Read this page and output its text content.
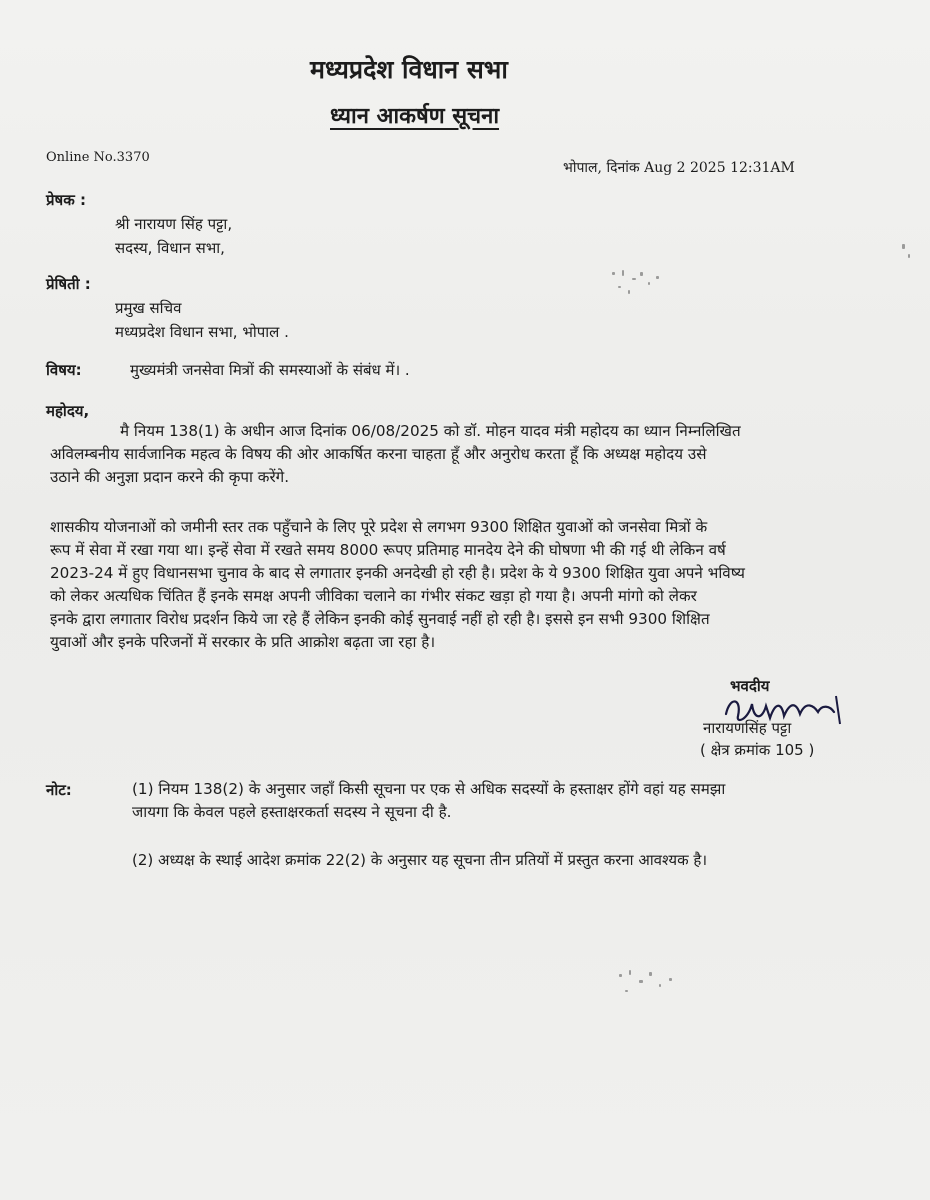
मध्यप्रदेश विधान सभा
ध्यान आकर्षण सूचना
Online No.3370
भोपाल, दिनांक Aug 2 2025 12:31AM
प्रेषक :
श्री नारायण सिंह पट्टा,
सदस्य, विधान सभा,
प्रेषिती :
प्रमुख सचिव
मध्यप्रदेश विधान सभा, भोपाल .
विषय:	मुख्यमंत्री जनसेवा मित्रों की समस्याओं के संबंध में। .
महोदय,
मै नियम 138(1) के अधीन आज दिनांक 06/08/2025 को डॉ. मोहन यादव मंत्री महोदय का ध्यान निम्नलिखित
अविलम्बनीय सार्वजानिक महत्व के विषय की ओर आकर्षित करना चाहता हूँ और अनुरोध करता हूँ कि अध्यक्ष महोदय उसे
उठाने की अनुज्ञा प्रदान करने की कृपा करेंगे.
शासकीय योजनाओं को जमीनी स्तर तक पहुँचाने के लिए पूरे प्रदेश से लगभग 9300 शिक्षित युवाओं को जनसेवा मित्रों के
रूप में सेवा में रखा गया था। इन्हें सेवा में रखते समय 8000 रूपए प्रतिमाह मानदेय देने की घोषणा भी की गई थी लेकिन वर्ष
2023-24 में हुए विधानसभा चुनाव के बाद से लगातार इनकी अनदेखी हो रही है। प्रदेश के ये 9300 शिक्षित युवा अपने भविष्य
को लेकर अत्यधिक चिंतित हैं इनके समक्ष अपनी जीविका चलाने का गंभीर संकट खड़ा हो गया है। अपनी मांगो को लेकर
इनके द्वारा लगातार विरोध प्रदर्शन किये जा रहे हैं लेकिन इनकी कोई सुनवाई नहीं हो रही है। इससे इन सभी 9300 शिक्षित
युवाओं और इनके परिजनों में सरकार के प्रति आक्रोश बढ़ता जा रहा है।
भवदीय
नारायणसिंह पट्टा
( क्षेत्र क्रमांक 105 )
नोट:	(1) नियम 138(2) के अनुसार जहाँ किसी सूचना पर एक से अधिक सदस्यों के हस्ताक्षर होंगे वहां यह समझा
जायगा कि केवल पहले हस्ताक्षरकर्ता सदस्य ने सूचना दी है.
(2) अध्यक्ष के स्थाई आदेश क्रमांक 22(2) के अनुसार यह सूचना तीन प्रतियों में प्रस्तुत करना आवश्यक है।
